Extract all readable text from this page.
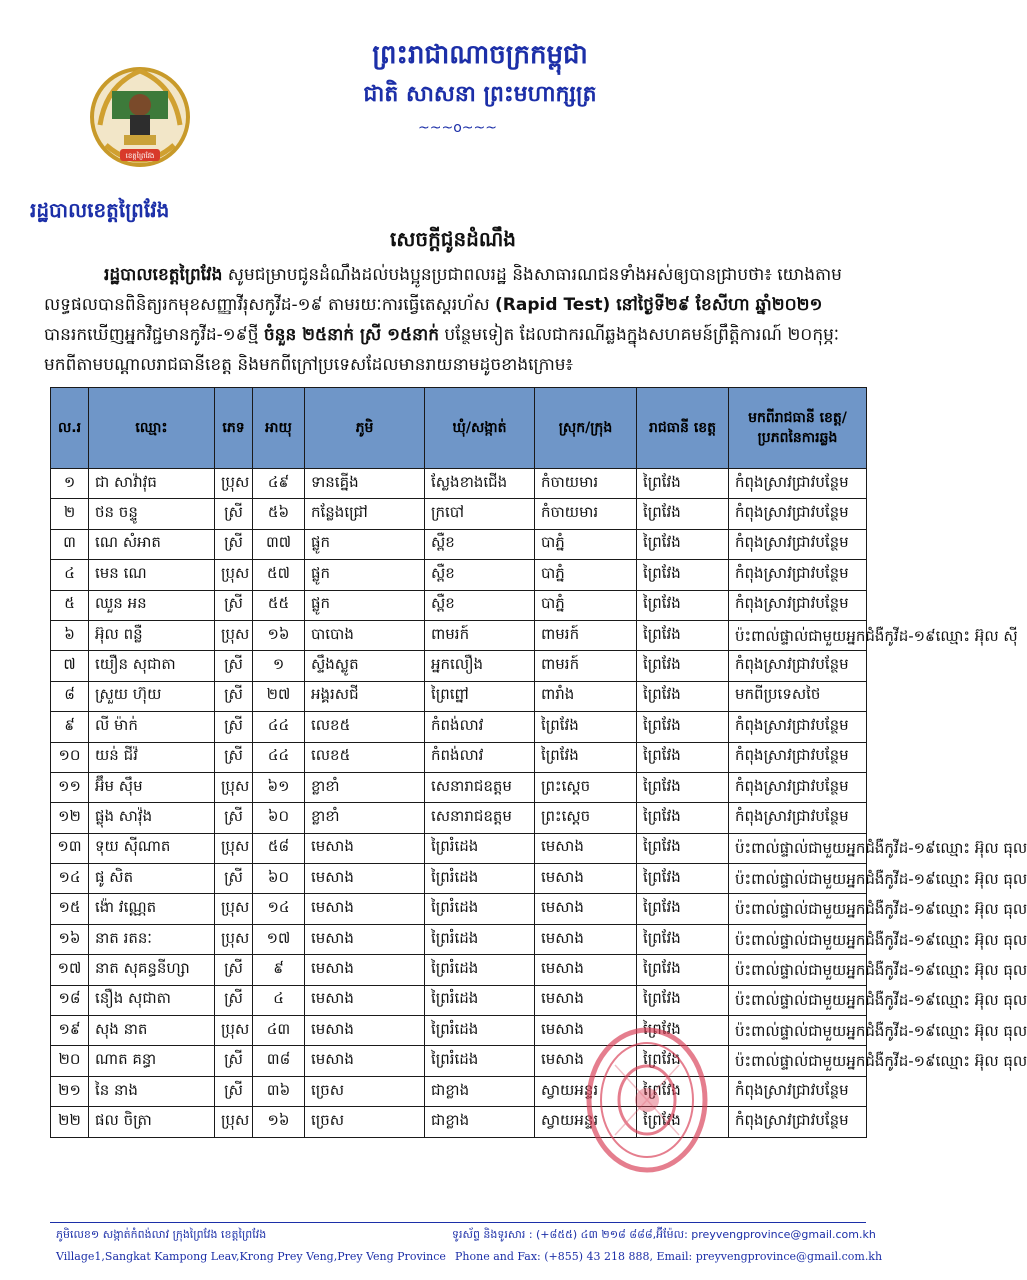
ព្រះរាជាណាចក្រកម្ពុជា
ជាតិ សាសនា ព្រះមហាក្សត្រ
~~~o~~~
ខេត្តព្រៃវែង
រដ្ឋបាលខេត្តព្រៃវែង
សេចក្តីជូនដំណឹង

រដ្ឋបាលខេត្តព្រៃវែង សូមជម្រាបជូនដំណឹងដល់បងប្អូនប្រជាពលរដ្ឋ និងសាធារណជនទាំងអស់ឲ្យបានជ្រាបថា៖ យោងតាមលទ្ធផលបានពិនិត្យរកមុខសញ្ញាវីរុសកូវីដ-១៩ តាមរយៈការធ្វើតេស្តរហ័ស (Rapid Test) នៅថ្ងៃទី២៩ ខែសីហា ឆ្នាំ២០២១ បានរកឃើញអ្នកវិជ្ជមានកូវីដ-១៩ថ្មី ចំនួន ២៥នាក់ ស្រី ១៥នាក់ បន្ថែមទៀត ដែលជាករណីឆ្លងក្នុងសហគមន៍ព្រឹត្តិការណ៍ ២០កុម្ភៈ មកពីតាមបណ្តាលរាជធានីខេត្ត និងមកពីក្រៅប្រទេសដែលមានរាយនាមដូចខាងក្រោម៖

ល.រ	ឈ្មោះ	ភេទ	អាយុ	ភូមិ	ឃុំ/សង្កាត់	ស្រុក/ក្រុង	រាជធានី ខេត្ត	មកពីរាជធានី ខេត្ត/ប្រភពនៃការឆ្លង
១	ជា សាវ៉ាវុធ	ប្រុស	៤៩	ទានគ្នើង	ស្លែងខាងជើង	កំចាយមារ	ព្រៃវែង	កំពុងស្រាវជ្រាវបន្ថែម
២	ថន ចន្ទូ	ស្រី	៥៦	កន្លែងជ្រៅ	ក្របៅ	កំចាយមារ	ព្រៃវែង	កំពុងស្រាវជ្រាវបន្ថែម
៣	ណេ សំអាត	ស្រី	៣៧	ផ្លូក	ស្ពឺខ	បាភ្នំ	ព្រៃវែង	កំពុងស្រាវជ្រាវបន្ថែម
៤	មេន ណេ	ប្រុស	៥៧	ផ្លូក	ស្ពឺខ	បាភ្នំ	ព្រៃវែង	កំពុងស្រាវជ្រាវបន្ថែម
៥	ឈួន អន	ស្រី	៥៥	ផ្លូក	ស្ពឺខ	បាភ្នំ	ព្រៃវែង	កំពុងស្រាវជ្រាវបន្ថែម
៦	អ៊ុល ពន្លឺ	ប្រុស	១៦	បាបោង	ពាមរក៍	ពាមរក៍	ព្រៃវែង	ប៉ះពាល់ផ្ទាល់ជាមួយអ្នកជំងឺកូវីដ-១៩ឈ្មោះ អ៊ុល ស៊ី
៧	យឿន សុជាតា	ស្រី	១	ស្ទឹងស្លូត	អ្នកលឿង	ពាមរក៍	ព្រៃវែង	កំពុងស្រាវជ្រាវបន្ថែម
៨	ស្រួយ ហ៊ុយ	ស្រី	២៧	អង្គរសជី	ព្រៃព្នៅ	ពារាំង	ព្រៃវែង	មកពីប្រទេសថៃ
៩	លី ម៉ាក់	ស្រី	៤៤	លេខ៥	កំពង់លាវ	ព្រៃវែង	ព្រៃវែង	កំពុងស្រាវជ្រាវបន្ថែម
១០	យន់ ជីវ៉	ស្រី	៤៤	លេខ៥	កំពង់លាវ	ព្រៃវែង	ព្រៃវែង	កំពុងស្រាវជ្រាវបន្ថែម
១១	អ៊ឹម ស៊ឹម	ប្រុស	៦១	ខ្លាខាំ	សេនារាជឧត្តម	ព្រះស្តេច	ព្រៃវែង	កំពុងស្រាវជ្រាវបន្ថែម
១២	ផ្លុង សាវ៉ុង	ស្រី	៦០	ខ្លាខាំ	សេនារាជឧត្តម	ព្រះស្តេច	ព្រៃវែង	កំពុងស្រាវជ្រាវបន្ថែម
១៣	ទុយ ស៊ីណាត	ប្រុស	៥៨	មេសាង	ព្រៃរំដេង	មេសាង	ព្រៃវែង	ប៉ះពាល់ផ្ទាល់ជាមួយអ្នកជំងឺកូវីដ-១៩ឈ្មោះ អ៊ុល ធុល
១៤	ផូ សិត	ស្រី	៦០	មេសាង	ព្រៃរំដេង	មេសាង	ព្រៃវែង	ប៉ះពាល់ផ្ទាល់ជាមួយអ្នកជំងឺកូវីដ-១៩ឈ្មោះ អ៊ុល ធុល
១៥	ង៉ោ វណ្ណេត	ប្រុស	១៤	មេសាង	ព្រៃរំដេង	មេសាង	ព្រៃវែង	ប៉ះពាល់ផ្ទាល់ជាមួយអ្នកជំងឺកូវីដ-១៩ឈ្មោះ អ៊ុល ធុល
១៦	នាត រតនៈ	ប្រុស	១៧	មេសាង	ព្រៃរំដេង	មេសាង	ព្រៃវែង	ប៉ះពាល់ផ្ទាល់ជាមួយអ្នកជំងឺកូវីដ-១៩ឈ្មោះ អ៊ុល ធុល
១៧	នាត សុគន្ធនីហ្សា	ស្រី	៩	មេសាង	ព្រៃរំដេង	មេសាង	ព្រៃវែង	ប៉ះពាល់ផ្ទាល់ជាមួយអ្នកជំងឺកូវីដ-១៩ឈ្មោះ អ៊ុល ធុល
១៨	នឿង សុជាតា	ស្រី	៤	មេសាង	ព្រៃរំដេង	មេសាង	ព្រៃវែង	ប៉ះពាល់ផ្ទាល់ជាមួយអ្នកជំងឺកូវីដ-១៩ឈ្មោះ អ៊ុល ធុល
១៩	សុង នាត	ប្រុស	៤៣	មេសាង	ព្រៃរំដេង	មេសាង	ព្រៃវែង	ប៉ះពាល់ផ្ទាល់ជាមួយអ្នកជំងឺកូវីដ-១៩ឈ្មោះ អ៊ុល ធុល
២០	ណាត គន្ធា	ស្រី	៣៨	មេសាង	ព្រៃរំដេង	មេសាង	ព្រៃវែង	ប៉ះពាល់ផ្ទាល់ជាមួយអ្នកជំងឺកូវីដ-១៩ឈ្មោះ អ៊ុល ធុល
២១	នៃ នាង	ស្រី	៣៦	ច្រេស	ជាខ្លាង	ស្វាយអន្ទរ	ព្រៃវែង	កំពុងស្រាវជ្រាវបន្ថែម
២២	ផល ចិត្រា	ប្រុស	១៦	ច្រេស	ជាខ្លាង	ស្វាយអន្ទរ	ព្រៃវែង	កំពុងស្រាវជ្រាវបន្ថែម
ភូមិលេខ១ សង្កាត់កំពង់លាវ ក្រុងព្រៃវែង ខេត្តព្រៃវែង
Village1,Sangkat Kampong Leav,Krong Prey Veng,Prey Veng Province
ទូរស័ព្ទ និងទូរសារ : (+៨៥៥) ៤៣ ២១៨ ៨៨៨,អ៊ីម៉ែល: preyvengprovince@gmail.com.kh
Phone and Fax: (+855) 43 218 888, Email: preyvengprovince@gmail.com.kh
